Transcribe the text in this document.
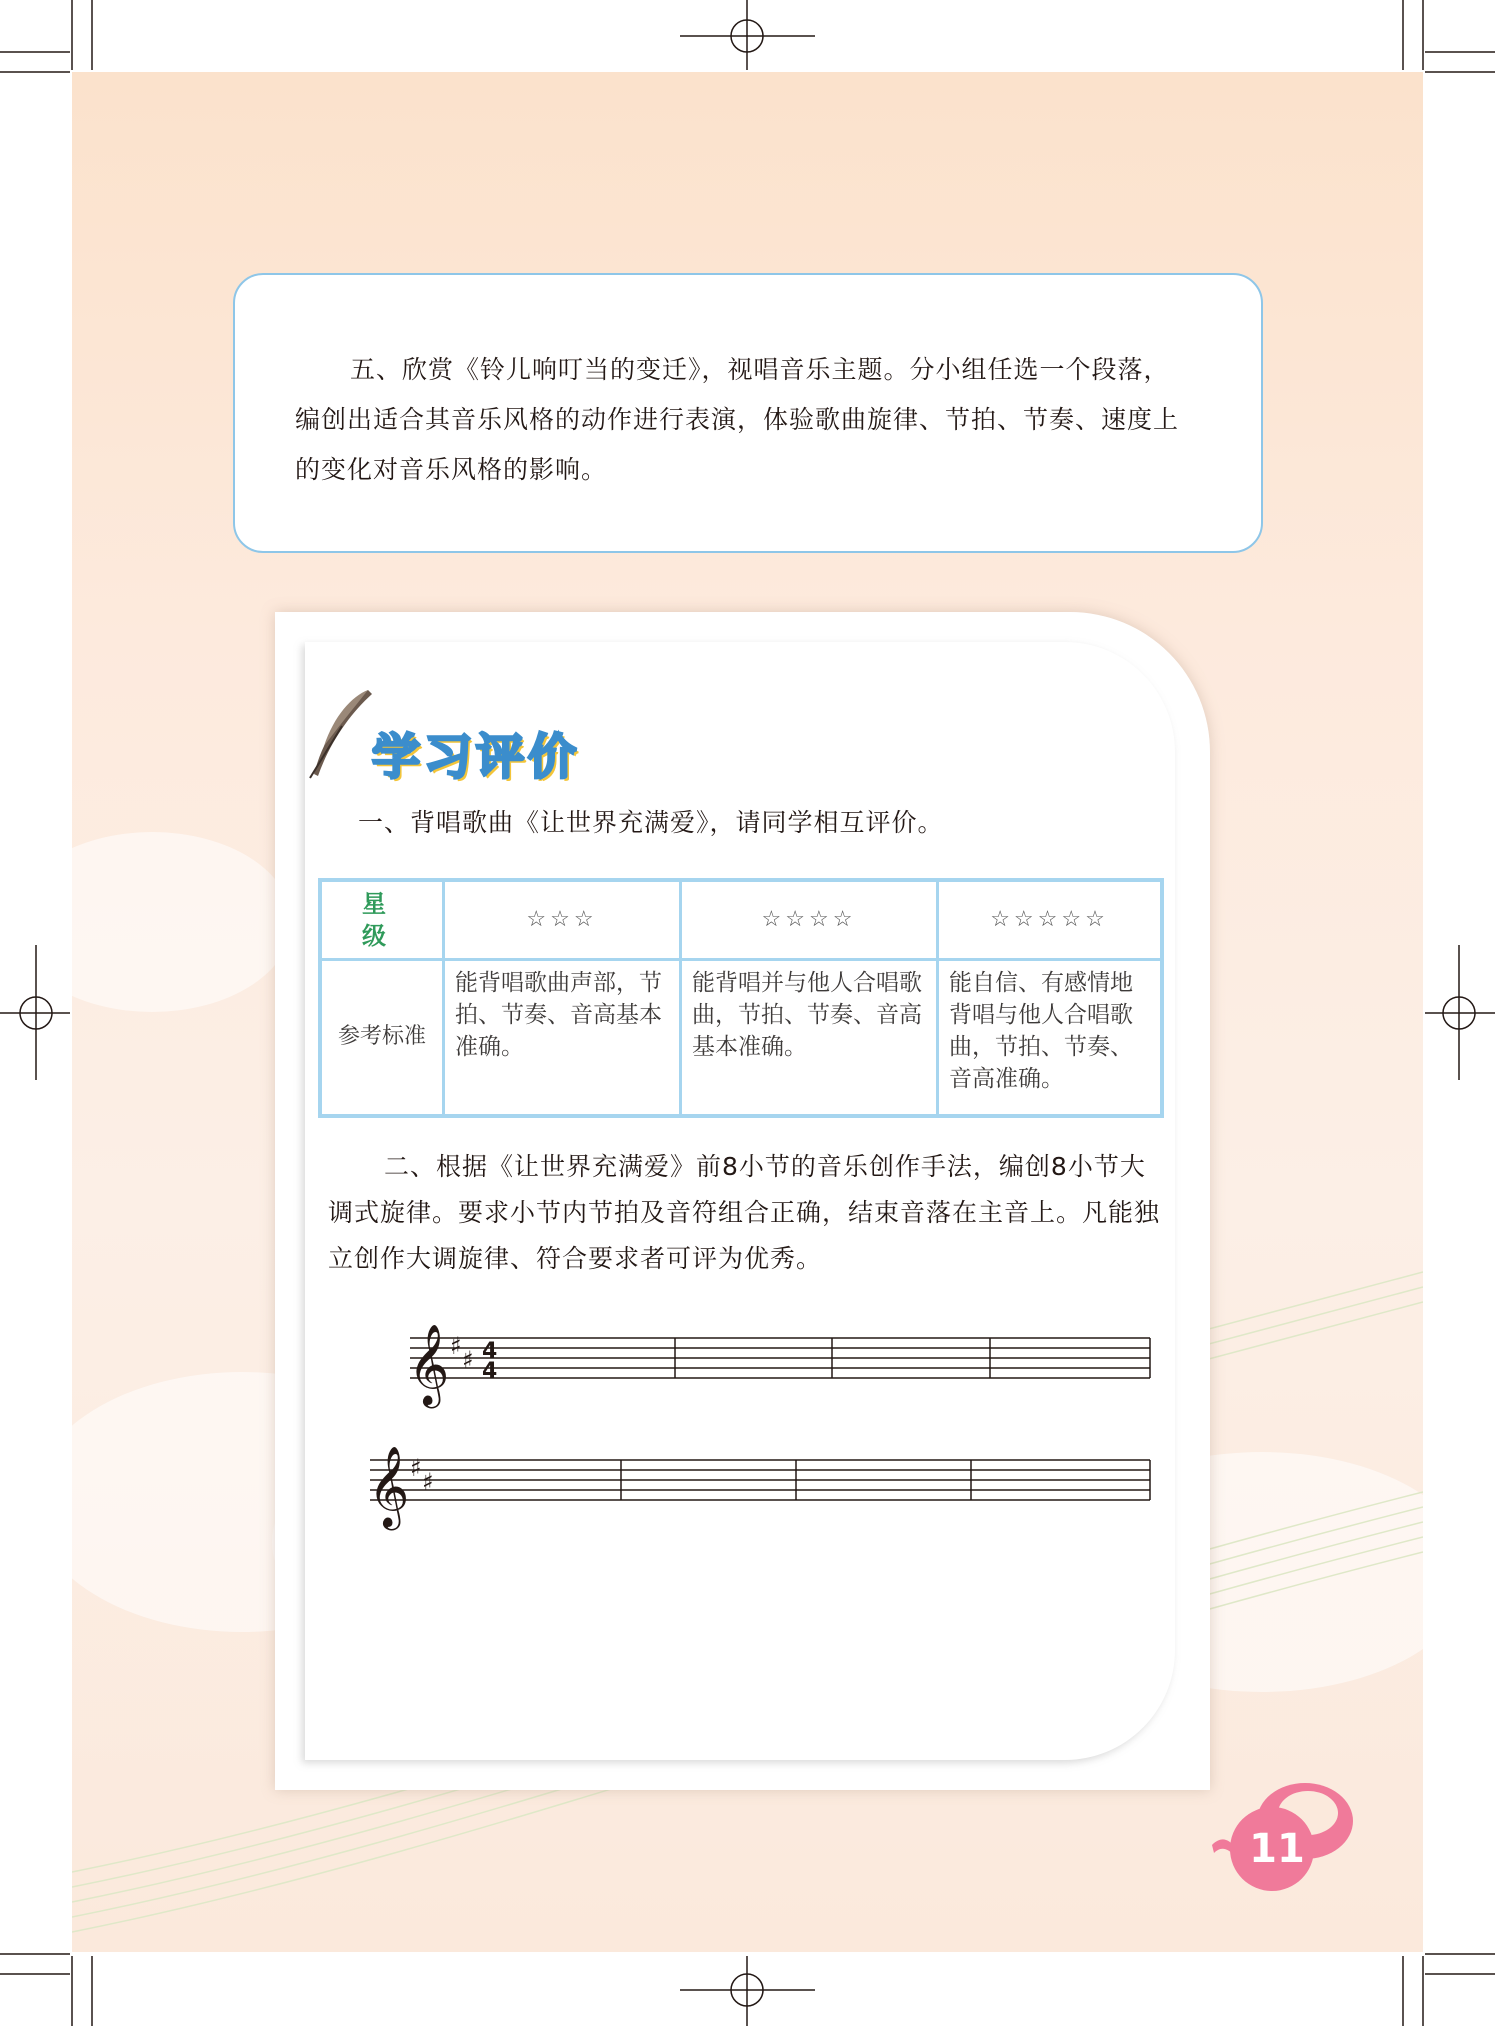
五、欣赏《铃儿响叮当的变迁》，视唱音乐主题。分小组任选一个段落，编创出适合其音乐风格的动作进行表演，体验歌曲旋律、节拍、节奏、速度上的变化对音乐风格的影响。
学习评价
一、背唱歌曲《让世界充满爱》，请同学相互评价。
星 级	☆☆☆	☆☆☆☆	☆☆☆☆☆
参考标准	能背唱歌曲声部，节拍、节奏、音高基本准确。	能背唱并与他人合唱歌曲，节拍、节奏、音高基本准确。	能自信、有感情地背唱与他人合唱歌曲，节拍、节奏、音高准确。
二、根据《让世界充满爱》前8小节的音乐创作手法，编创8小节大调式旋律。要求小节内节拍及音符组合正确，结束音落在主音上。凡能独立创作大调旋律、符合要求者可评为优秀。
𝄞 ♯ ♯ 4
4
𝄞 ♯ ♯
11
